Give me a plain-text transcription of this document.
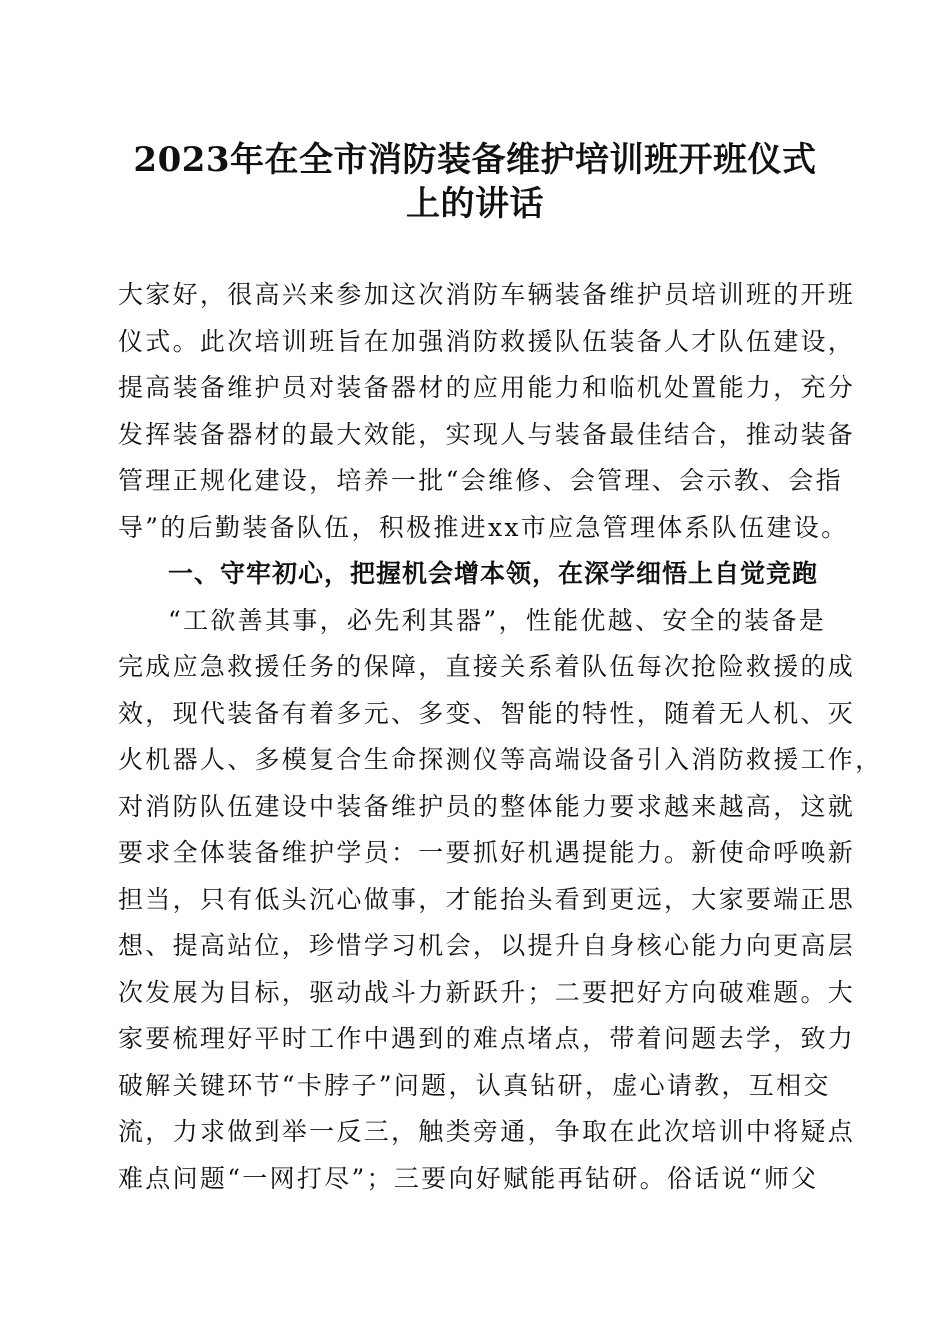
2023年在全市消防装备维护培训班开班仪式
上的讲话
大家好，很高兴来参加这次消防车辆装备维护员培训班的开班
仪式。此次培训班旨在加强消防救援队伍装备人才队伍建设，
提高装备维护员对装备器材的应用能力和临机处置能力，充分
发挥装备器材的最大效能，实现人与装备最佳结合，推动装备
管理正规化建设，培养一批“会维修、会管理、会示教、会指
导”的后勤装备队伍，积极推进xx市应急管理体系队伍建设。
一、守牢初心，把握机会增本领，在深学细悟上自觉竞跑
“工欲善其事，必先利其器”，性能优越、安全的装备是
完成应急救援任务的保障，直接关系着队伍每次抢险救援的成
效，现代装备有着多元、多变、智能的特性，随着无人机、灭
火机器人、多模复合生命探测仪等高端设备引入消防救援工作，
对消防队伍建设中装备维护员的整体能力要求越来越高，这就
要求全体装备维护学员：一要抓好机遇提能力。新使命呼唤新
担当，只有低头沉心做事，才能抬头看到更远，大家要端正思
想、提高站位，珍惜学习机会，以提升自身核心能力向更高层
次发展为目标，驱动战斗力新跃升；二要把好方向破难题。大
家要梳理好平时工作中遇到的难点堵点，带着问题去学，致力
破解关键环节“卡脖子”问题，认真钻研，虚心请教，互相交
流，力求做到举一反三，触类旁通，争取在此次培训中将疑点
难点问题“一网打尽”；三要向好赋能再钻研。俗话说“师父
